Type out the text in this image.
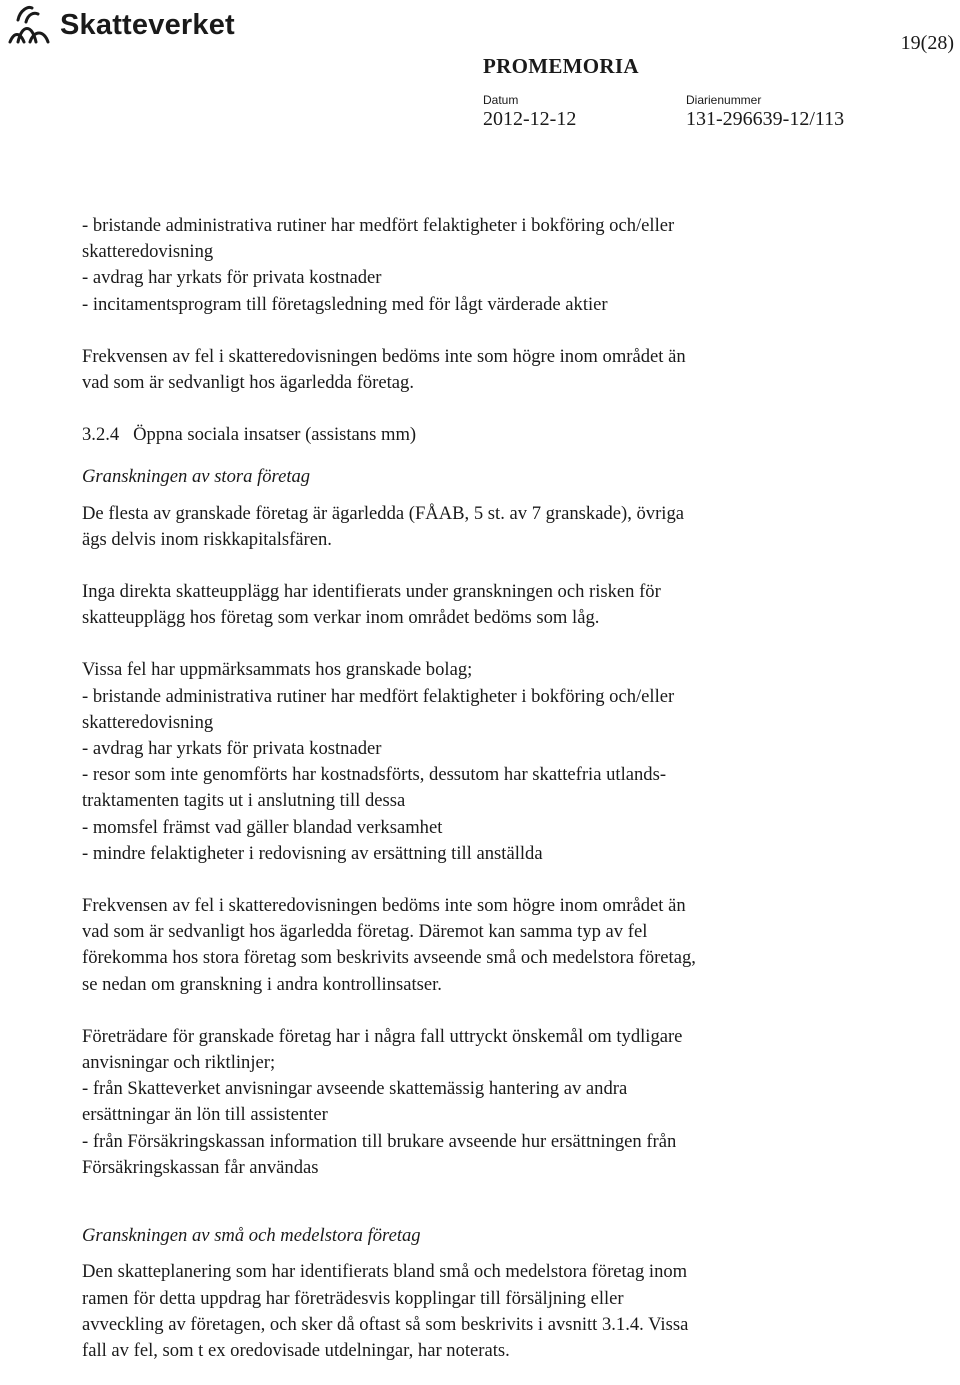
Skatteverket
19(28)
PROMEMORIA
Datum
2012-12-12
Diarienummer
131-296639-12/113

- bristande administrativa rutiner har medfört felaktigheter i bokföring och/eller

skatteredovisning

- avdrag har yrkats för privata kostnader

- incitamentsprogram till företagsledning med för lågt värderade aktier

Frekvensen av fel i skatteredovisningen bedöms inte som högre inom området än

vad som är sedvanligt hos ägarledda företag.

3.2.4   Öppna sociala insatser (assistans mm)

Granskningen av stora företag

De flesta av granskade företag är ägarledda (FÅAB, 5 st. av 7 granskade), övriga

ägs delvis inom riskkapitalsfären.

Inga direkta skatteupplägg har identifierats under granskningen och risken för

skatteupplägg hos företag som verkar inom området bedöms som låg.

Vissa fel har uppmärksammats hos granskade bolag;

- bristande administrativa rutiner har medfört felaktigheter i bokföring och/eller

skatteredovisning

- avdrag har yrkats för privata kostnader

- resor som inte genomförts har kostnadsförts, dessutom har skattefria utlands-

traktamenten tagits ut i anslutning till dessa

- momsfel främst vad gäller blandad verksamhet

- mindre felaktigheter i redovisning av ersättning till anställda

Frekvensen av fel i skatteredovisningen bedöms inte som högre inom området än

vad som är sedvanligt hos ägarledda företag. Däremot kan samma typ av fel

förekomma hos stora företag som beskrivits avseende små och medelstora företag,

se nedan om granskning i andra kontrollinsatser.

Företrädare för granskade företag har i några fall uttryckt önskemål om tydligare

anvisningar och riktlinjer;

- från Skatteverket anvisningar avseende skattemässig hantering av andra

ersättningar än lön till assistenter

- från Försäkringskassan information till brukare avseende hur ersättningen från

Försäkringskassan får användas

Granskningen av små och medelstora företag

Den skatteplanering som har identifierats bland små och medelstora företag inom

ramen för detta uppdrag har företrädesvis kopplingar till försäljning eller

avveckling av företagen, och sker då oftast så som beskrivits i avsnitt 3.1.4. Vissa

fall av fel, som t ex oredovisade utdelningar, har noterats.
